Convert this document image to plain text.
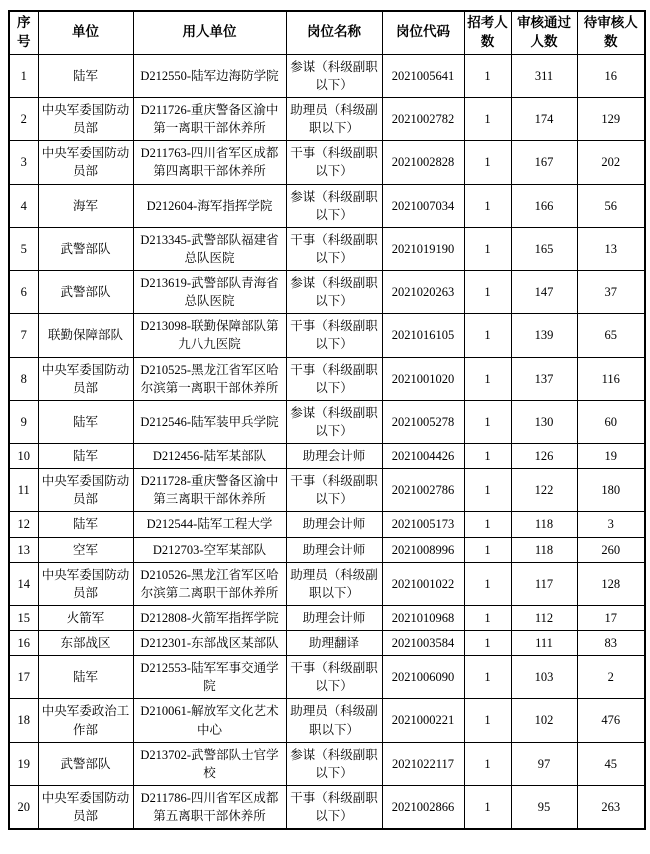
序号	单位	用人单位	岗位名称	岗位代码	招考人数	审核通过人数	待审核人数
1	陆军	D212550-陆军边海防学院	参谋（科级副职以下）	2021005641	1	311	16
2	中央军委国防动员部	D211726-重庆警备区渝中第一离职干部休养所	助理员（科级副职以下）	2021002782	1	174	129
3	中央军委国防动员部	D211763-四川省军区成都第四离职干部休养所	干事（科级副职以下）	2021002828	1	167	202
4	海军	D212604-海军指挥学院	参谋（科级副职以下）	2021007034	1	166	56
5	武警部队	D213345-武警部队福建省总队医院	干事（科级副职以下）	2021019190	1	165	13
6	武警部队	D213619-武警部队青海省总队医院	参谋（科级副职以下）	2021020263	1	147	37
7	联勤保障部队	D213098-联勤保障部队第九八九医院	干事（科级副职以下）	2021016105	1	139	65
8	中央军委国防动员部	D210525-黑龙江省军区哈尔滨第一离职干部休养所	干事（科级副职以下）	2021001020	1	137	116
9	陆军	D212546-陆军装甲兵学院	参谋（科级副职以下）	2021005278	1	130	60
10	陆军	D212456-陆军某部队	助理会计师	2021004426	1	126	19
11	中央军委国防动员部	D211728-重庆警备区渝中第三离职干部休养所	干事（科级副职以下）	2021002786	1	122	180
12	陆军	D212544-陆军工程大学	助理会计师	2021005173	1	118	3
13	空军	D212703-空军某部队	助理会计师	2021008996	1	118	260
14	中央军委国防动员部	D210526-黑龙江省军区哈尔滨第二离职干部休养所	助理员（科级副职以下）	2021001022	1	117	128
15	火箭军	D212808-火箭军指挥学院	助理会计师	2021010968	1	112	17
16	东部战区	D212301-东部战区某部队	助理翻译	2021003584	1	111	83
17	陆军	D212553-陆军军事交通学院	干事（科级副职以下）	2021006090	1	103	2
18	中央军委政治工作部	D210061-解放军文化艺术中心	助理员（科级副职以下）	2021000221	1	102	476
19	武警部队	D213702-武警部队士官学校	参谋（科级副职以下）	2021022117	1	97	45
20	中央军委国防动员部	D211786-四川省军区成都第五离职干部休养所	干事（科级副职以下）	2021002866	1	95	263
